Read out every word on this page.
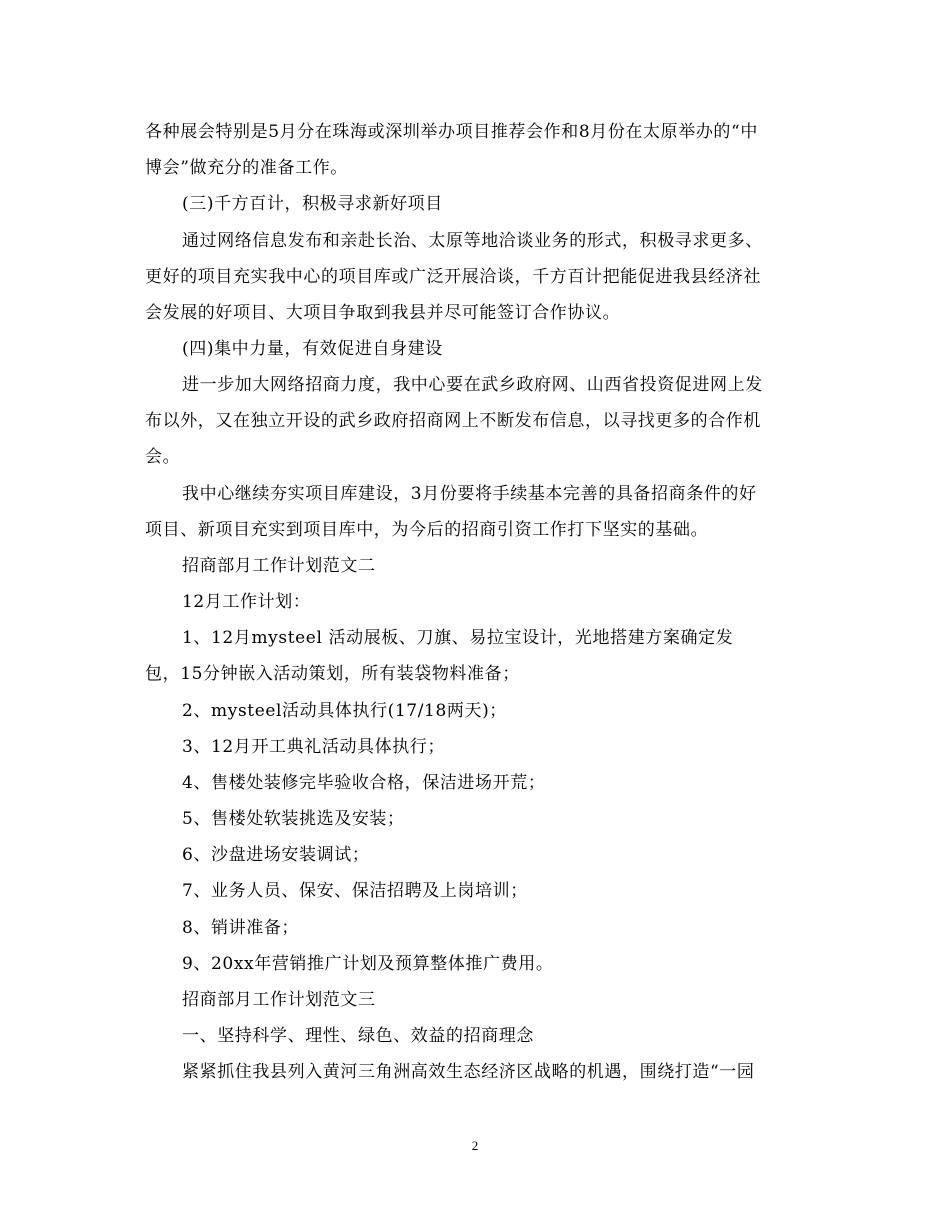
各种展会特别是5月分在珠海或深圳举办项目推荐会作和8月份在太原举办的“中
博会”做充分的准备工作。
(三)千方百计，积极寻求新好项目
通过网络信息发布和亲赴长治、太原等地洽谈业务的形式，积极寻求更多、
更好的项目充实我中心的项目库或广泛开展洽谈，千方百计把能促进我县经济社
会发展的好项目、大项目争取到我县并尽可能签订合作协议。
(四)集中力量，有效促进自身建设
进一步加大网络招商力度，我中心要在武乡政府网、山西省投资促进网上发
布以外，又在独立开设的武乡政府招商网上不断发布信息，以寻找更多的合作机
会。
我中心继续夯实项目库建设，3月份要将手续基本完善的具备招商条件的好
项目、新项目充实到项目库中，为今后的招商引资工作打下坚实的基础。
招商部月工作计划范文二
12月工作计划：
1、12月mysteel 活动展板、刀旗、易拉宝设计，光地搭建方案确定发
包，15分钟嵌入活动策划，所有装袋物料准备；
2、mysteel活动具体执行(17/18两天)；
3、12月开工典礼活动具体执行；
4、售楼处装修完毕验收合格，保洁进场开荒；
5、售楼处软装挑选及安装；
6、沙盘进场安装调试；
7、业务人员、保安、保洁招聘及上岗培训；
8、销讲准备；
9、20xx年营销推广计划及预算整体推广费用。
招商部月工作计划范文三
一、坚持科学、理性、绿色、效益的招商理念
紧紧抓住我县列入黄河三角洲高效生态经济区战略的机遇，围绕打造“一园
2
